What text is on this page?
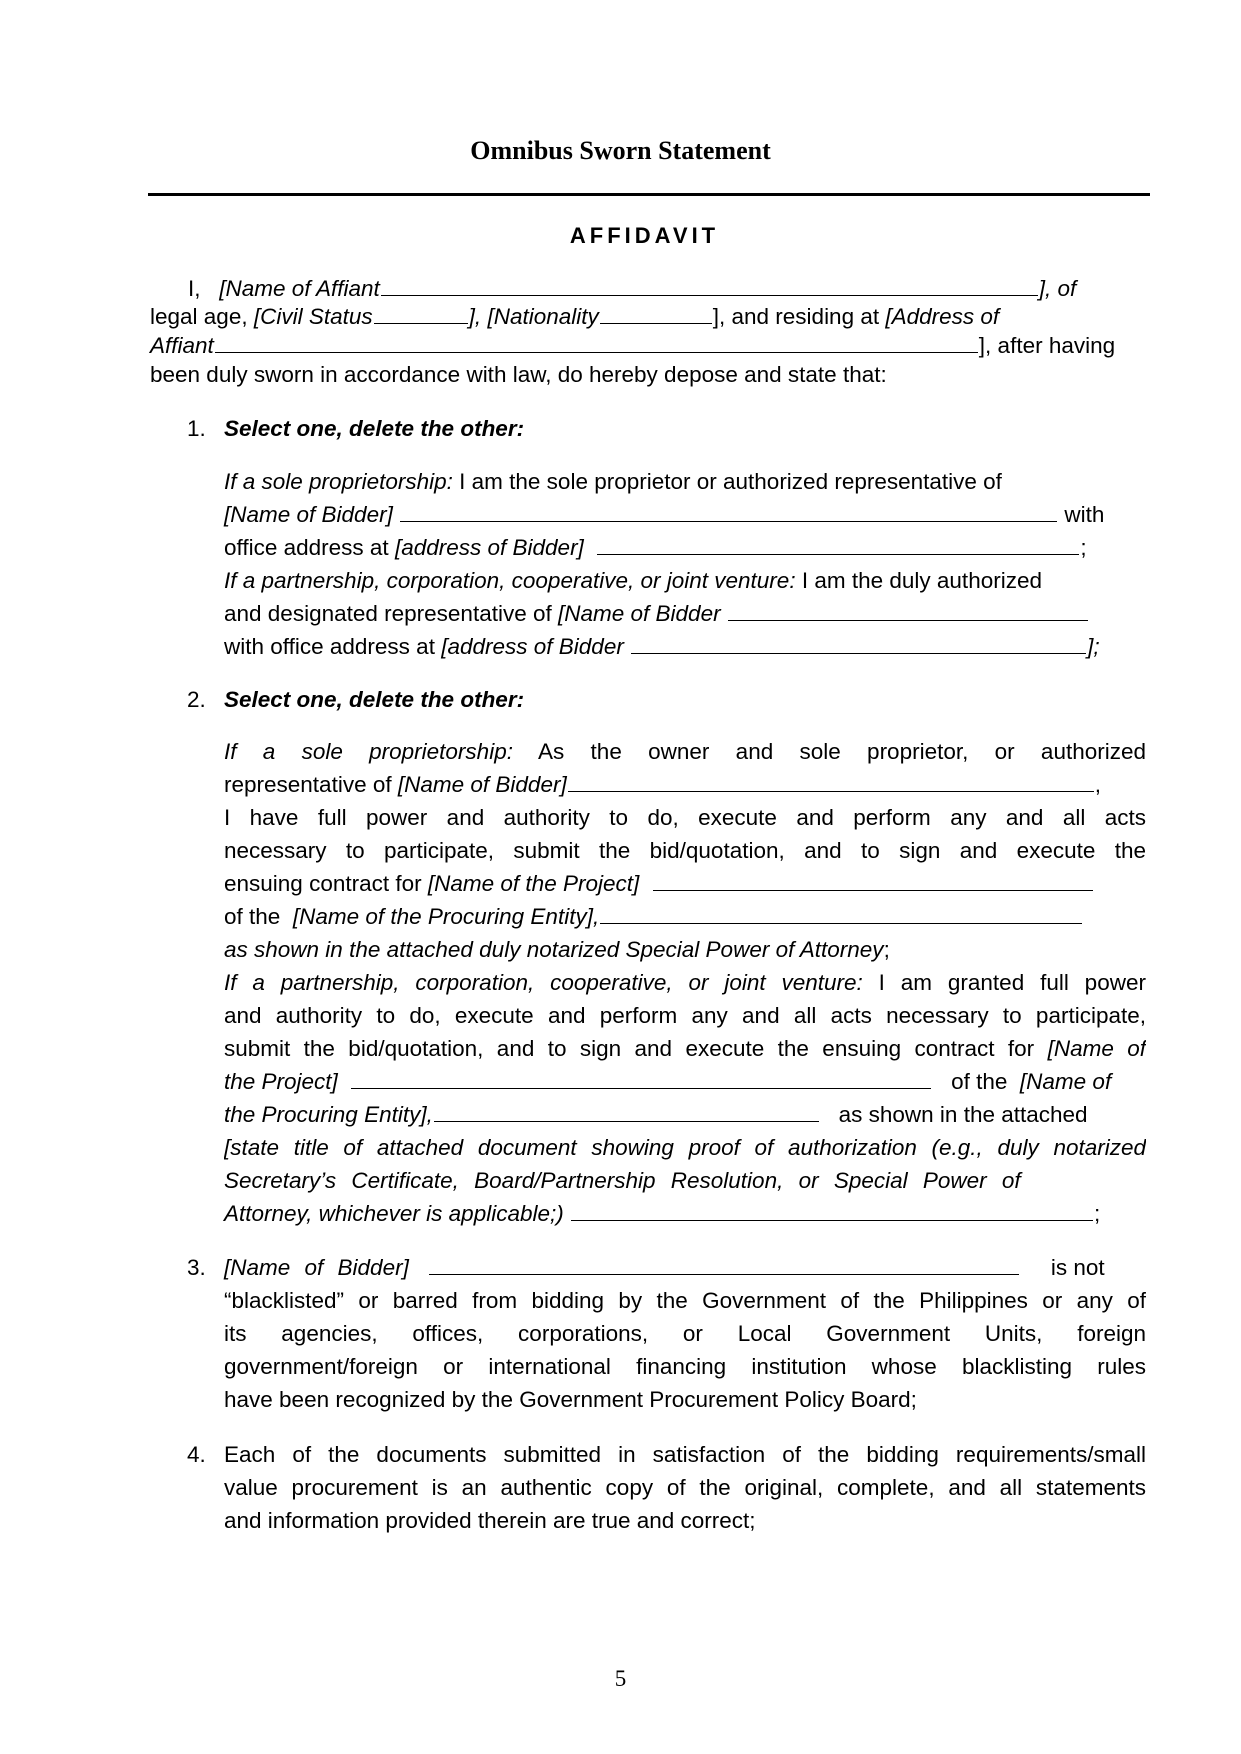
Omnibus Sworn Statement
AFFIDAVIT
I, [Name of Affiant	], of
legal age, [Civil Status	], [Nationality	], and residing at [Address of
Affiant	], after having
been duly sworn in accordance with law, do hereby depose and state that:
1. Select one, delete the other:
If a sole proprietorship: I am the sole proprietor or authorized representative of
[Name of Bidder]	with
office address at [address of Bidder]	;
If a partnership, corporation, cooperative, or joint venture: I am the duly authorized
and designated representative of [Name of Bidder
with office address at [address of Bidder	];
2. Select one, delete the other:
If a sole proprietorship: As the owner and sole proprietor, or authorized
representative of [Name of Bidder]	,
I have full power and authority to do, execute and perform any and all acts
necessary to participate, submit the bid/quotation, and to sign and execute the
ensuing contract for [Name of the Project]
of the [Name of the Procuring Entity],
as shown in the attached duly notarized Special Power of Attorney;
If a partnership, corporation, cooperative, or joint venture: I am granted full power
and authority to do, execute and perform any and all acts necessary to participate,
submit the bid/quotation, and to sign and execute the ensuing contract for [Name of
the Project]	of the [Name of
the Procuring Entity],	as shown in the attached
[state title of attached document showing proof of authorization (e.g., duly notarized
Secretary’s Certificate, Board/Partnership Resolution, or Special Power of
Attorney, whichever is applicable;)	;
3. [Name of Bidder]	is not
“blacklisted” or barred from bidding by the Government of the Philippines or any of
its agencies, offices, corporations, or Local Government Units, foreign
government/foreign or international financing institution whose blacklisting rules
have been recognized by the Government Procurement Policy Board;
4. Each of the documents submitted in satisfaction of the bidding requirements/small
value procurement is an authentic copy of the original, complete, and all statements
and information provided therein are true and correct;
5
